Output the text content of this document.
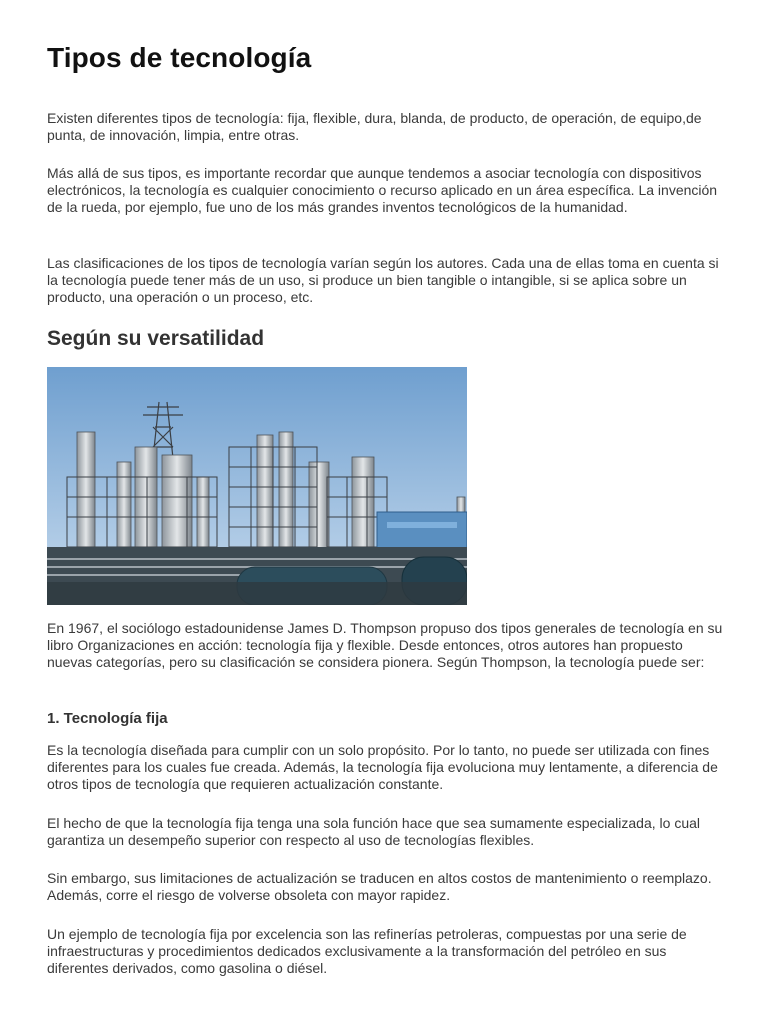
Tipos de tecnología

Existen diferentes tipos de tecnología: fija, flexible, dura, blanda, de producto, de operación, de equipo,de punta, de innovación, limpia, entre otras.

Más allá de sus tipos, es importante recordar que aunque tendemos a asociar tecnología con dispositivos electrónicos, la tecnología es cualquier conocimiento o recurso aplicado en un área específica. La invención de la rueda, por ejemplo, fue uno de los más grandes inventos tecnológicos de la humanidad.

Las clasificaciones de los tipos de tecnología varían según los autores. Cada una de ellas toma en cuenta si la tecnología puede tener más de un uso, si produce un bien tangible o intangible, si se aplica sobre un producto, una operación o un proceso, etc.

Según su versatilidad

En 1967, el sociólogo estadounidense James D. Thompson propuso dos tipos generales de tecnología en su libro Organizaciones en acción: tecnología fija y flexible. Desde entonces, otros autores han propuesto nuevas categorías, pero su clasificación se considera pionera. Según Thompson, la tecnología puede ser:

1. Tecnología fija

Es la tecnología diseñada para cumplir con un solo propósito. Por lo tanto, no puede ser utilizada con fines diferentes para los cuales fue creada. Además, la tecnología fija evoluciona muy lentamente, a diferencia de otros tipos de tecnología que requieren actualización constante.

El hecho de que la tecnología fija tenga una sola función hace que sea sumamente especializada, lo cual garantiza un desempeño superior con respecto al uso de tecnologías flexibles.

Sin embargo, sus limitaciones de actualización se traducen en altos costos de mantenimiento o reemplazo. Además, corre el riesgo de volverse obsoleta con mayor rapidez.

Un ejemplo de tecnología fija por excelencia son las refinerías petroleras, compuestas por una serie de infraestructuras y procedimientos dedicados exclusivamente a la transformación del petróleo en sus diferentes derivados, como gasolina o diésel.
